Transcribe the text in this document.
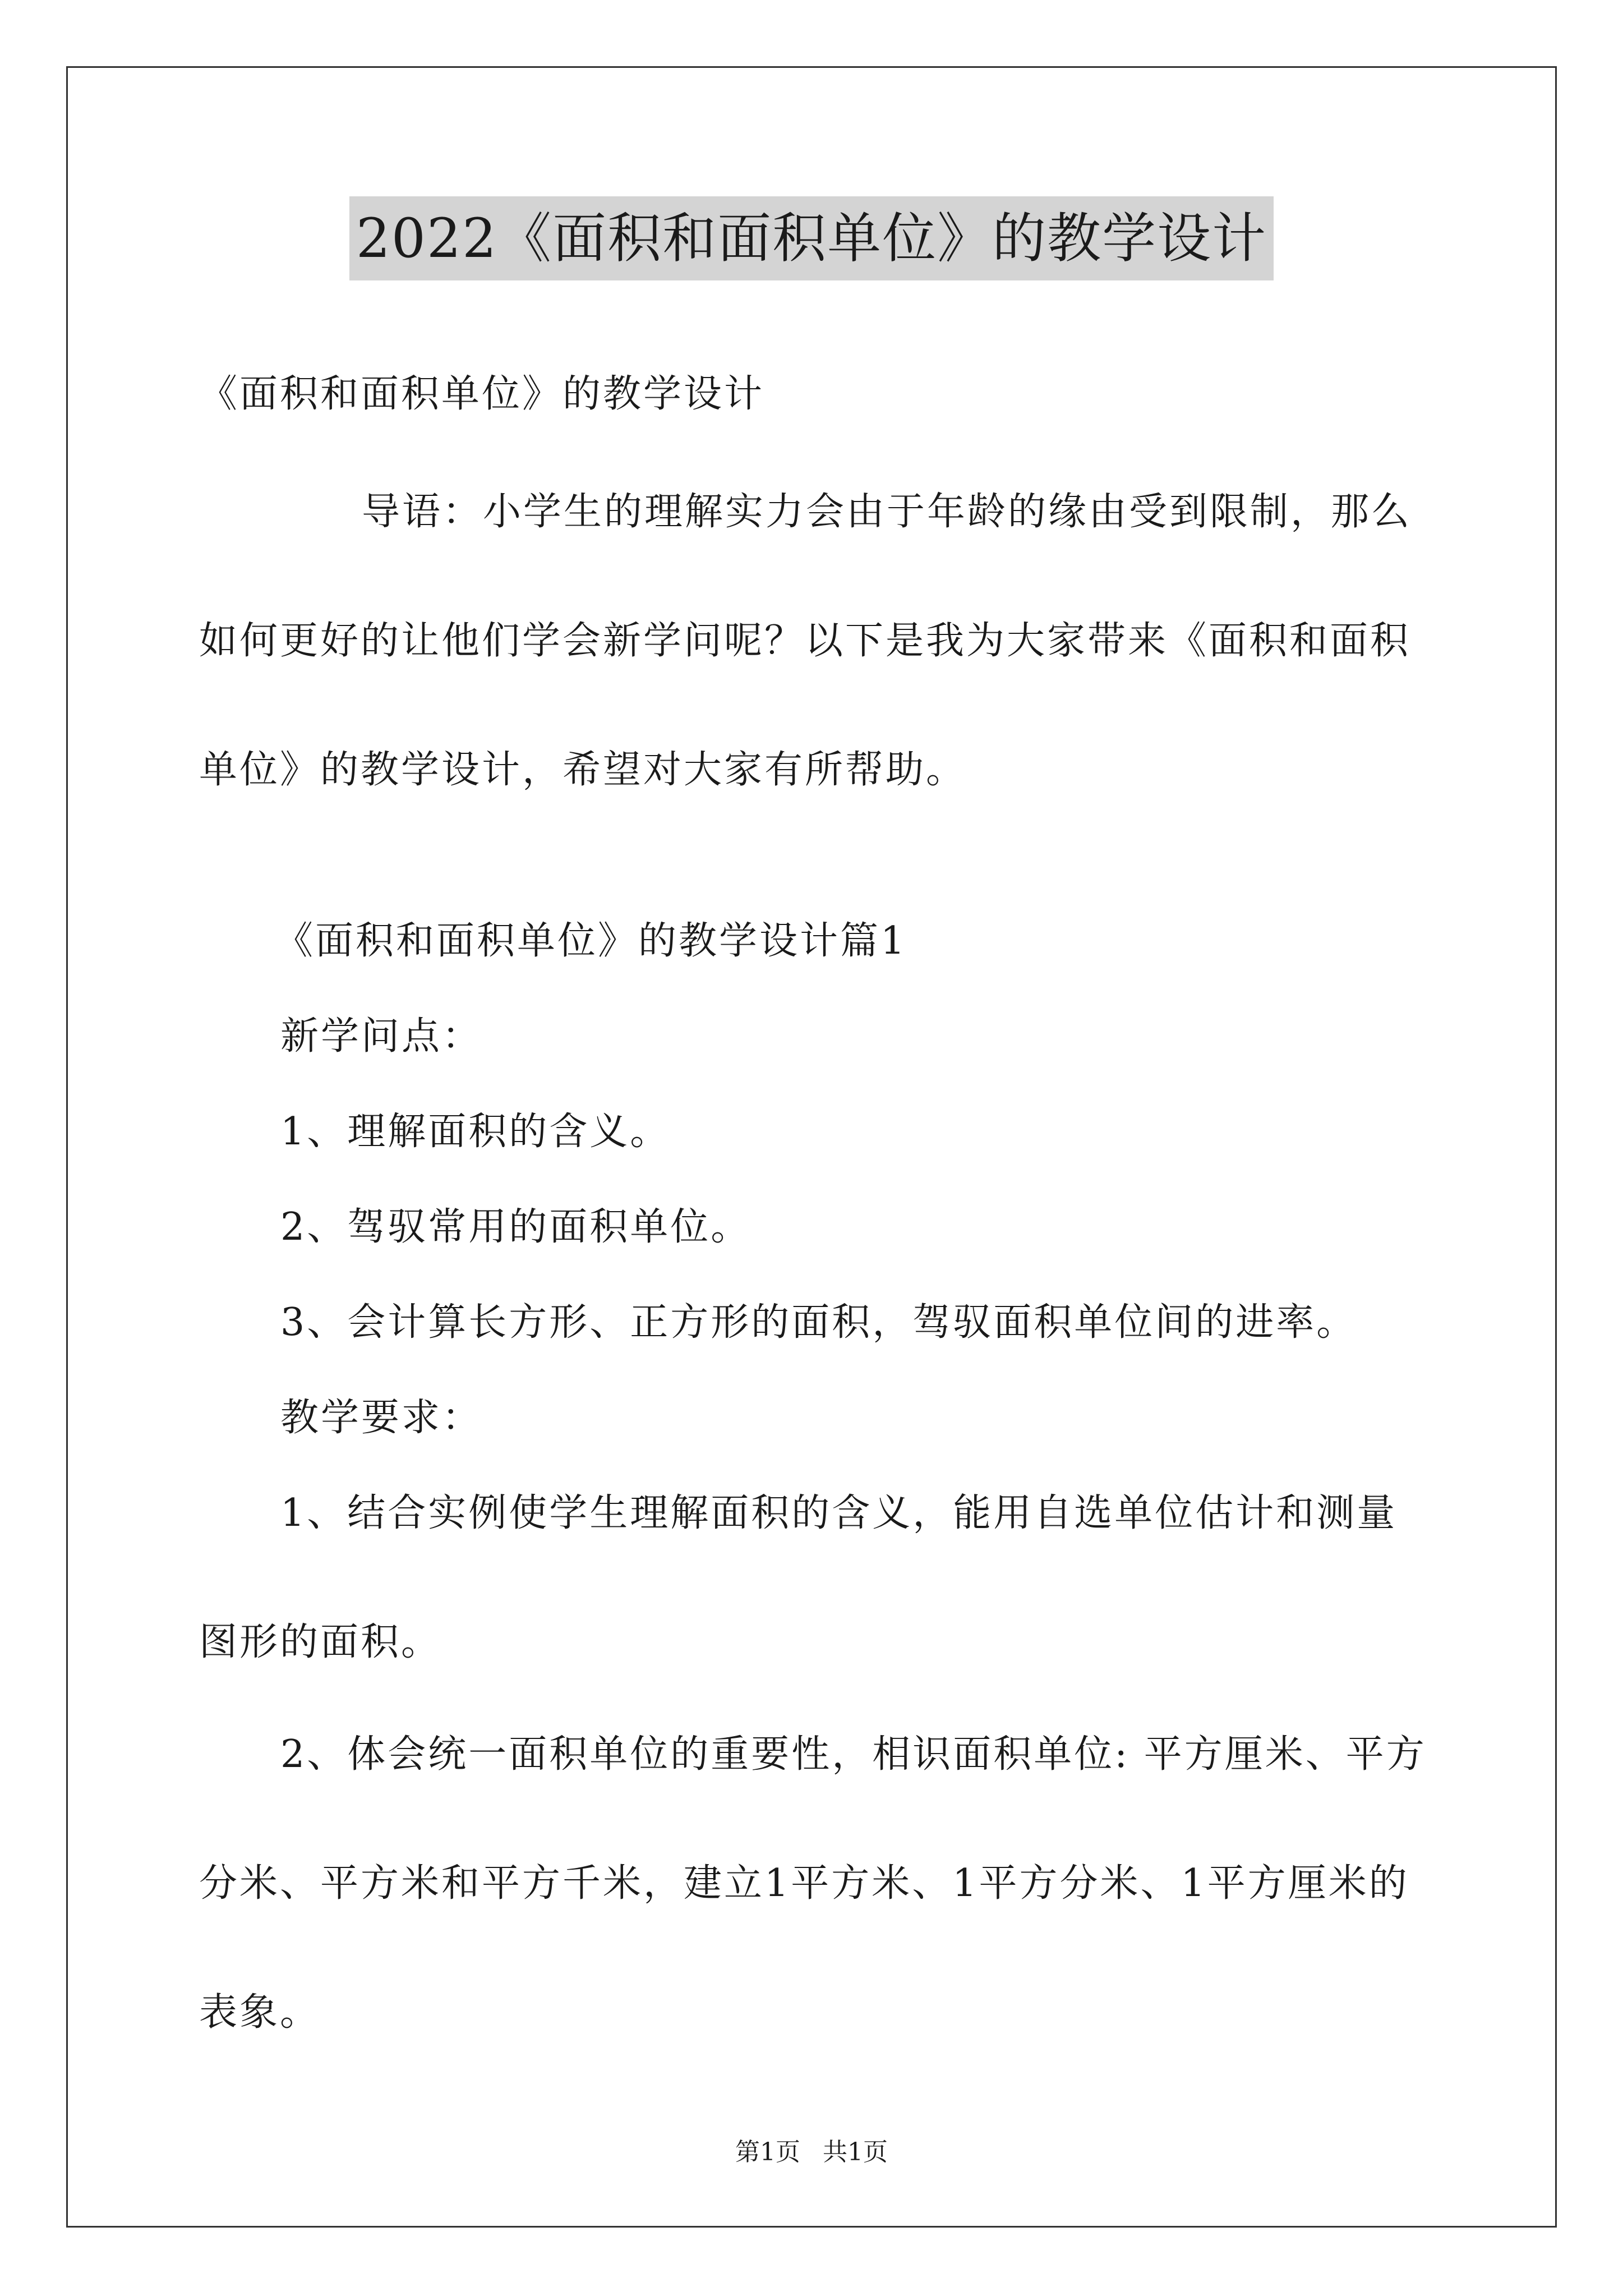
2022《面积和面积单位》的教学设计

《面积和面积单位》的教学设计

导语：小学生的理解实力会由于年龄的缘由受到限制，那么如何更好的让他们学会新学问呢？以下是我为大家带来《面积和面积单位》的教学设计，希望对大家有所帮助。

《面积和面积单位》的教学设计篇1

新学问点：

1、理解面积的含义。

2、驾驭常用的面积单位。

3、会计算长方形、正方形的面积，驾驭面积单位间的进率。

教学要求：

1、结合实例使学生理解面积的含义，能用自选单位估计和测量图形的面积。

2、体会统一面积单位的重要性，相识面积单位: 平方厘米、平方分米、平方米和平方千米，建立1平方米、1平方分米、1平方厘米的表象。

第1页 共1页
